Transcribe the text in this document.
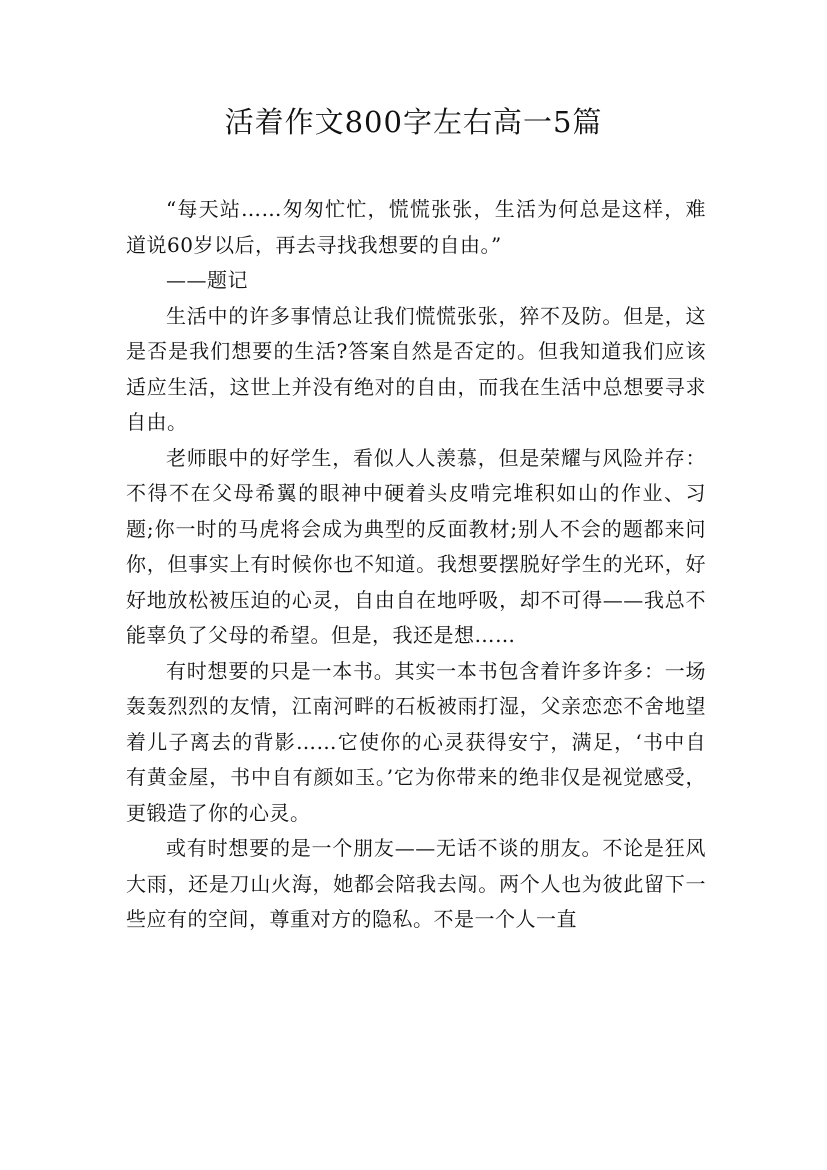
活着作文800字左右高一5篇

“每天站……匆匆忙忙，慌慌张张，生活为何总是这样，难道说60岁以后，再去寻找我想要的自由。”

——题记

生活中的许多事情总让我们慌慌张张，猝不及防。但是，这是否是我们想要的生活?答案自然是否定的。但我知道我们应该适应生活，这世上并没有绝对的自由，而我在生活中总想要寻求自由。

老师眼中的好学生，看似人人羡慕，但是荣耀与风险并存：不得不在父母希翼的眼神中硬着头皮啃完堆积如山的作业、习题;你一时的马虎将会成为典型的反面教材;别人不会的题都来问你，但事实上有时候你也不知道。我想要摆脱好学生的光环，好好地放松被压迫的心灵，自由自在地呼吸，却不可得——我总不能辜负了父母的希望。但是，我还是想……

有时想要的只是一本书。其实一本书包含着许多许多：一场轰轰烈烈的友情，江南河畔的石板被雨打湿，父亲恋恋不舍地望着儿子离去的背影……它使你的心灵获得安宁，满足，‘书中自有黄金屋，书中自有颜如玉。’它为你带来的绝非仅是视觉感受，更锻造了你的心灵。

或有时想要的是一个朋友——无话不谈的朋友。不论是狂风大雨，还是刀山火海，她都会陪我去闯。两个人也为彼此留下一些应有的空间，尊重对方的隐私。不是一个人一直
